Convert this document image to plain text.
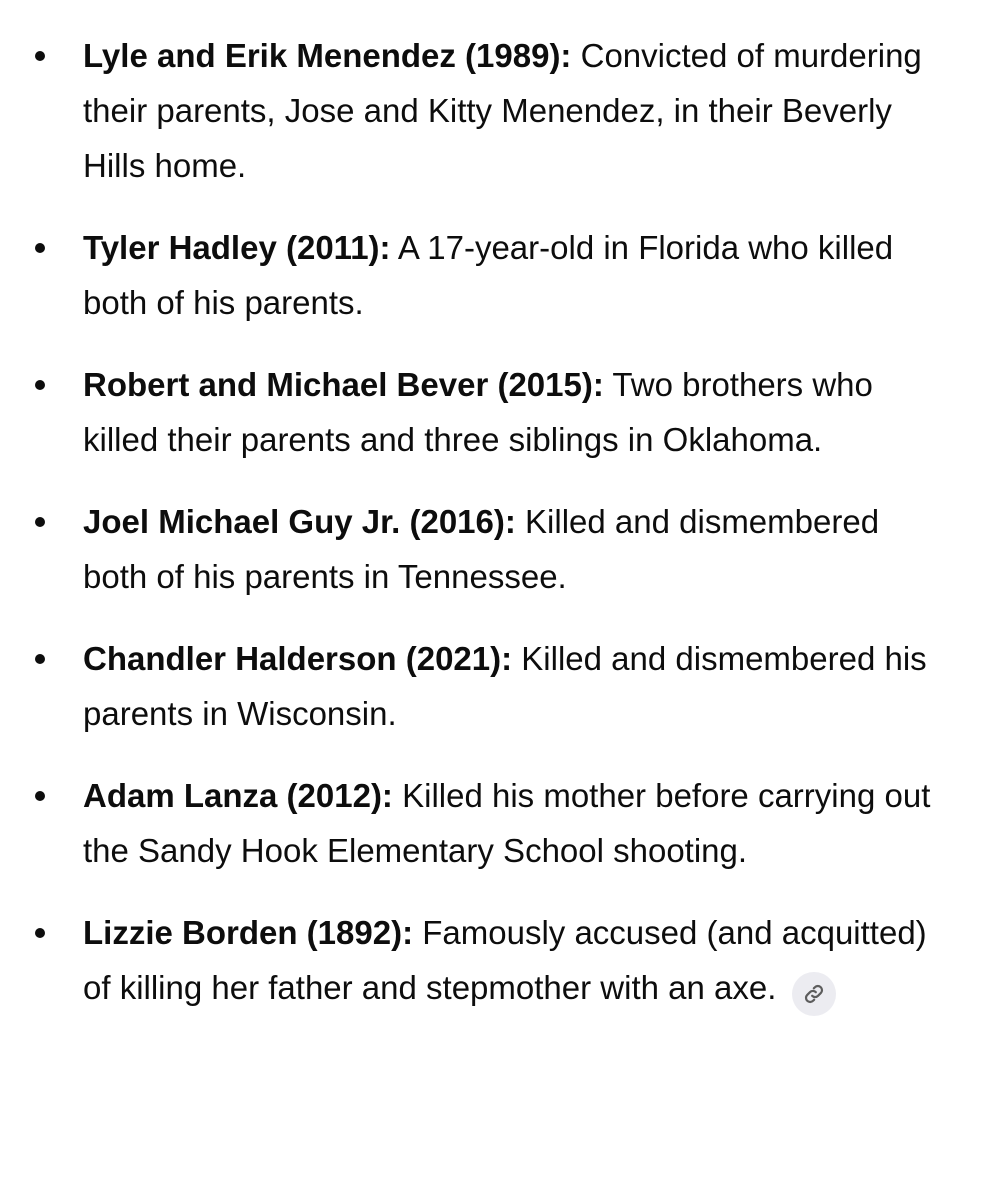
Lyle and Erik Menendez (1989): Convicted of murdering their parents, Jose and Kitty Menendez, in their Beverly Hills home.
Tyler Hadley (2011): A 17-year-old in Florida who killed both of his parents.
Robert and Michael Bever (2015): Two brothers who killed their parents and three siblings in Oklahoma.
Joel Michael Guy Jr. (2016): Killed and dismembered both of his parents in Tennessee.
Chandler Halderson (2021): Killed and dismembered his parents in Wisconsin.
Adam Lanza (2012): Killed his mother before carrying out the Sandy Hook Elementary School shooting.
Lizzie Borden (1892): Famously accused (and acquitted) of killing her father and stepmother with an axe.
